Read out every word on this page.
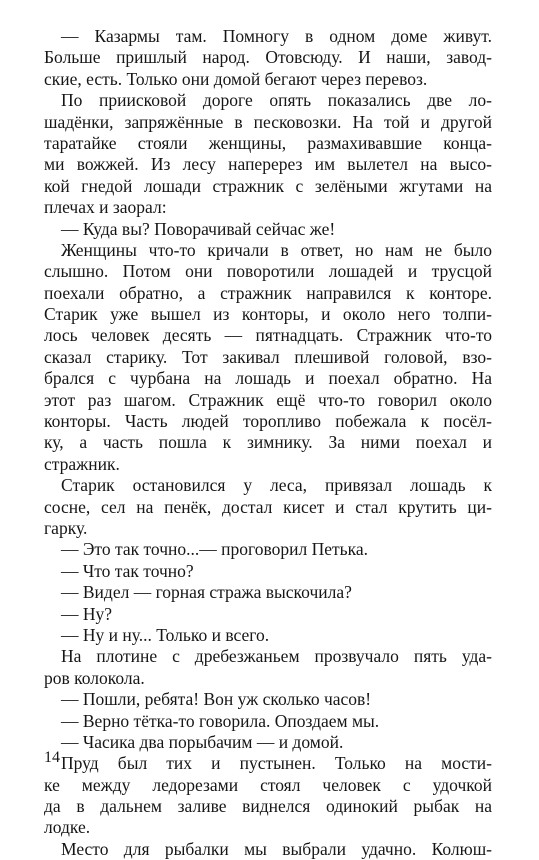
— Казармы там. Помногу в одном доме живут.
Больше пришлый народ. Отовсюду. И наши, завод-
ские, есть. Только они домой бегают через перевоз.
По приисковой дороге опять показались две ло-
шадёнки, запряжённые в песковозки. На той и другой
таратайке стояли женщины, размахивавшие конца-
ми вожжей. Из лесу наперерез им вылетел на высо-
кой гнедой лошади стражник с зелёными жгутами на
плечах и заорал:
— Куда вы? Поворачивай сейчас же!
Женщины что-то кричали в ответ, но нам не было
слышно. Потом они поворотили лошадей и трусцой
поехали обратно, а стражник направился к конторе.
Старик уже вышел из конторы, и около него толпи-
лось человек десять — пятнадцать. Стражник что-то
сказал старику. Тот закивал плешивой головой, взо-
брался с чурбана на лошадь и поехал обратно. На
этот раз шагом. Стражник ещё что-то говорил около
конторы. Часть людей торопливо побежала к посёл-
ку, а часть пошла к зимнику. За ними поехал и
стражник.
Старик остановился у леса, привязал лошадь к
сосне, сел на пенёк, достал кисет и стал крутить ци-
гарку.
— Это так точно...— проговорил Петька.
— Что так точно?
— Видел — горная стража выскочила?
— Ну?
— Ну и ну... Только и всего.
На плотине с дребезжаньем прозвучало пять уда-
ров колокола.
— Пошли, ребята! Вон уж сколько часов!
— Верно тётка-то говорила. Опоздаем мы.
— Часика два порыбачим — и домой.
Пруд был тих и пустынен. Только на мости-
ке между ледорезами стоял человек с удочкой
да в дальнем заливе виднелся одинокий рыбак на
лодке.
Место для рыбалки мы выбрали удачно. Колюш-
14
